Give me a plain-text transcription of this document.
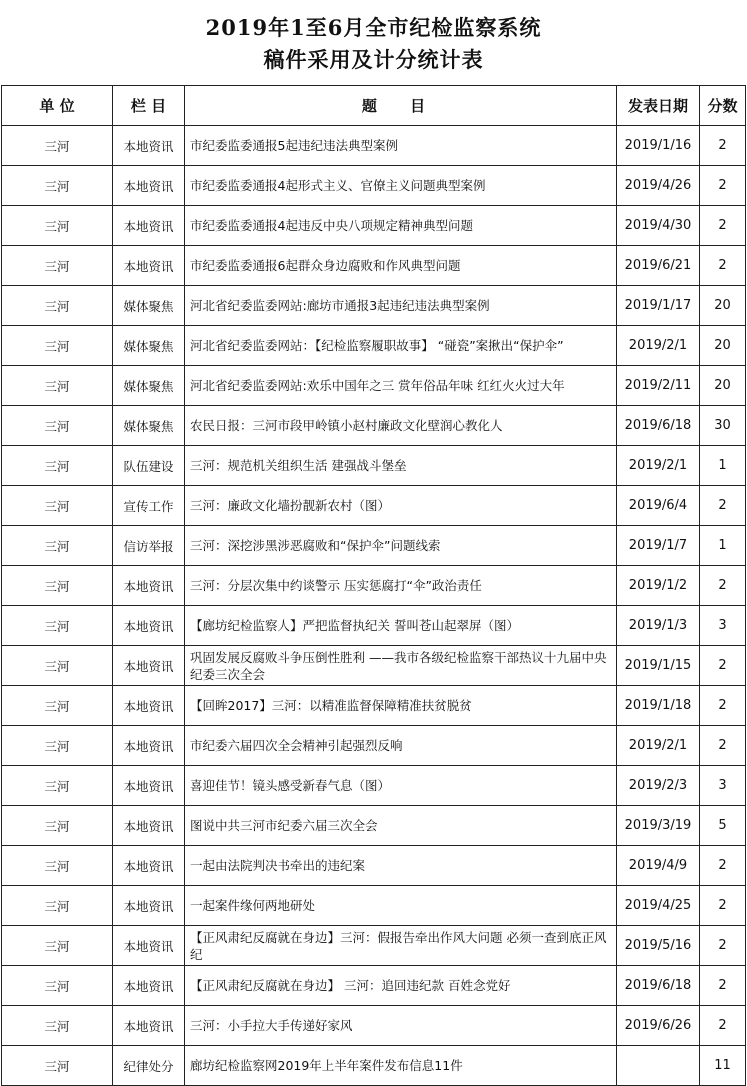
2019年1至6月全市纪检监察系统
稿件采用及计分统计表
单 位	栏 目	题 目	发表日期	分数
三河	本地资讯	市纪委监委通报5起违纪违法典型案例	2019/1/16	2
三河	本地资讯	市纪委监委通报4起形式主义、官僚主义问题典型案例	2019/4/26	2
三河	本地资讯	市纪委监委通报4起违反中央八项规定精神典型问题	2019/4/30	2
三河	本地资讯	市纪委监委通报6起群众身边腐败和作风典型问题	2019/6/21	2
三河	媒体聚焦	河北省纪委监委网站:廊坊市通报3起违纪违法典型案例	2019/1/17	20
三河	媒体聚焦	河北省纪委监委网站：【纪检监察履职故事】 “碰瓷”案揪出“保护伞”	2019/2/1	20
三河	媒体聚焦	河北省纪委监委网站:欢乐中国年之三 赏年俗品年味 红红火火过大年	2019/2/11	20
三河	媒体聚焦	农民日报：三河市段甲岭镇小赵村廉政文化壁润心教化人	2019/6/18	30
三河	队伍建设	三河：规范机关组织生活 建强战斗堡垒	2019/2/1	1
三河	宣传工作	三河：廉政文化墙扮靓新农村（图）	2019/6/4	2
三河	信访举报	三河：深挖涉黑涉恶腐败和“保护伞”问题线索	2019/1/7	1
三河	本地资讯	三河：分层次集中约谈警示 压实惩腐打“伞”政治责任	2019/1/2	2
三河	本地资讯	【廊坊纪检监察人】严把监督执纪关 誓叫苍山起翠屏（图）	2019/1/3	3
三河	本地资讯	巩固发展反腐败斗争压倒性胜利 ——我市各级纪检监察干部热议十九届中央纪委三次全会	2019/1/15	2
三河	本地资讯	【回眸2017】三河：以精准监督保障精准扶贫脱贫	2019/1/18	2
三河	本地资讯	市纪委六届四次全会精神引起强烈反响	2019/2/1	2
三河	本地资讯	喜迎佳节！镜头感受新春气息（图）	2019/2/3	3
三河	本地资讯	图说中共三河市纪委六届三次全会	2019/3/19	5
三河	本地资讯	一起由法院判决书牵出的违纪案	2019/4/9	2
三河	本地资讯	一起案件缘何两地研处	2019/4/25	2
三河	本地资讯	【正风肃纪反腐就在身边】三河：假报告牵出作风大问题 必须一查到底正风纪	2019/5/16	2
三河	本地资讯	【正风肃纪反腐就在身边】 三河：追回违纪款 百姓念党好	2019/6/18	2
三河	本地资讯	三河：小手拉大手传递好家风	2019/6/26	2
三河	纪律处分	廊坊纪检监察网2019年上半年案件发布信息11件		11
